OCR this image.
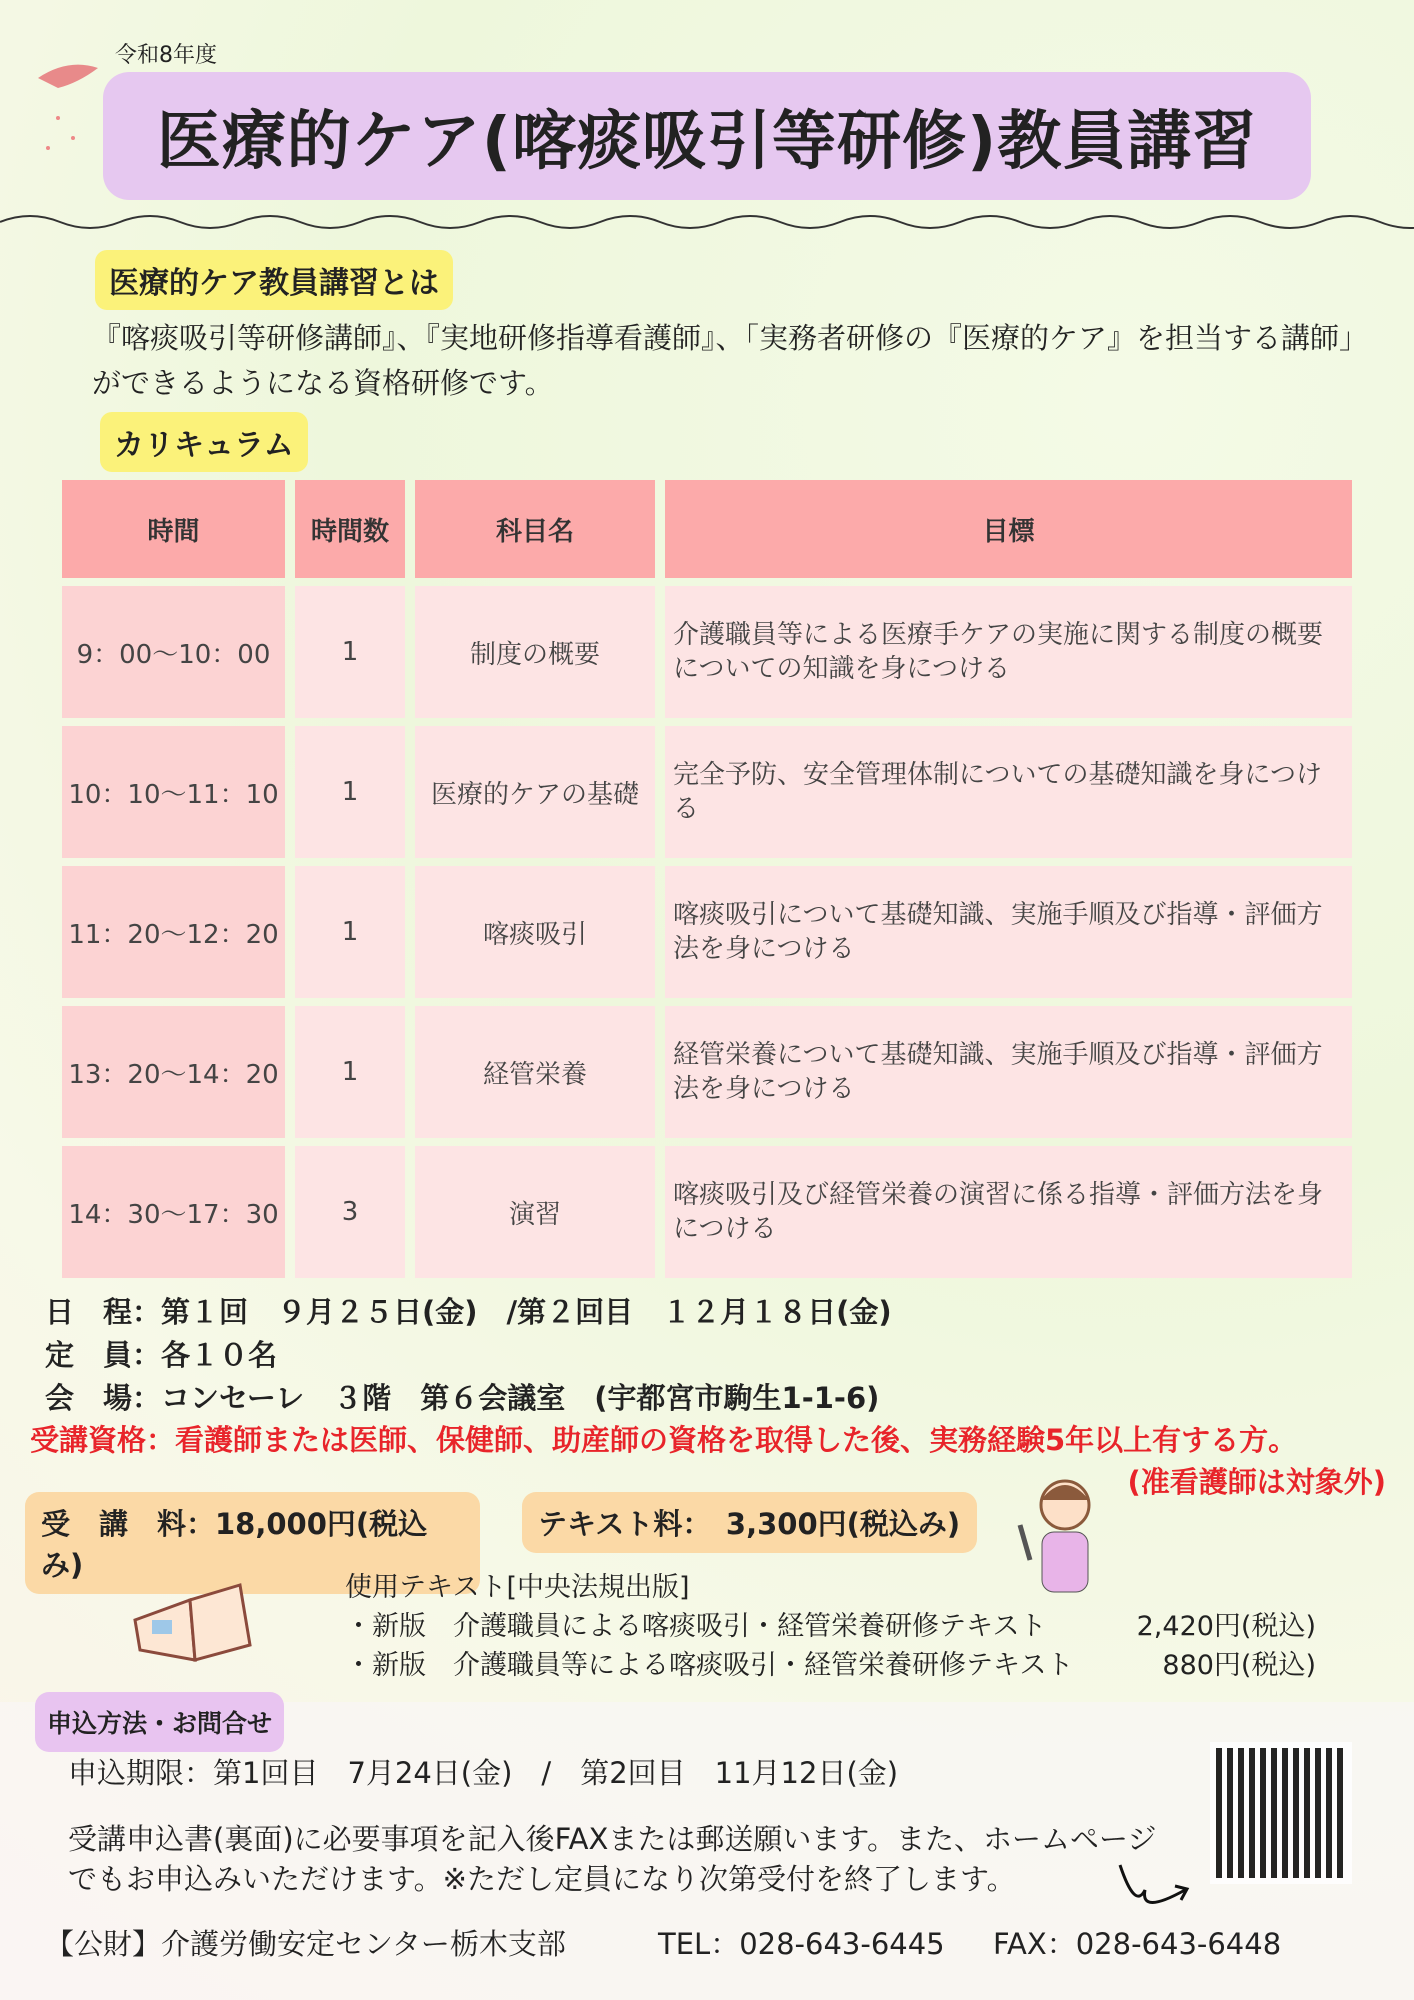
令和8年度
医療的ケア(喀痰吸引等研修)教員講習
医療的ケア教員講習とは
『喀痰吸引等研修講師』、『実地研修指導看護師』、「実務者研修の『医療的ケア』を担当する講師」ができるようになる資格研修です。
カリキュラム
時間	時間数	科目名	目標
9：00〜10：00	1	制度の概要	介護職員等による医療手ケアの実施に関する制度の概要についての知識を身につける
10：10〜11：10	1	医療的ケアの基礎	完全予防、安全管理体制についての基礎知識を身につける
11：20〜12：20	1	喀痰吸引	喀痰吸引について基礎知識、実施手順及び指導・評価方法を身につける
13：20〜14：20	1	経管栄養	経管栄養について基礎知識、実施手順及び指導・評価方法を身につける
14：30〜17：30	3	演習	喀痰吸引及び経管栄養の演習に係る指導・評価方法を身につける
日　程：第１回　９月２５日(金)　/第２回目　１２月１８日(金)
定　員：各１０名
会　場：コンセーレ　３階　第６会議室　(宇都宮市駒生1-1-6)
受講資格：看護師または医師、保健師、助産師の資格を取得した後、実務経験5年以上有する方。
(准看護師は対象外)
受　講　料：18,000円(税込み)
テキスト料：　3,300円(税込み)
使用テキスト[中央法規出版]
・新版　介護職員による喀痰吸引・経管栄養研修テキスト	2,420円(税込)
・新版　介護職員等による喀痰吸引・経管栄養研修テキスト	880円(税込)
申込方法・お問合せ
申込期限：第1回目　7月24日(金)　/　第2回目　11月12日(金)
受講申込書(裏面)に必要事項を記入後FAXまたは郵送願います。また、ホームページ
でもお申込みいただけます。※ただし定員になり次第受付を終了します。
【公財】介護労働安定センター栃木支部	TEL：028-643-6445 FAX：028-643-6448
